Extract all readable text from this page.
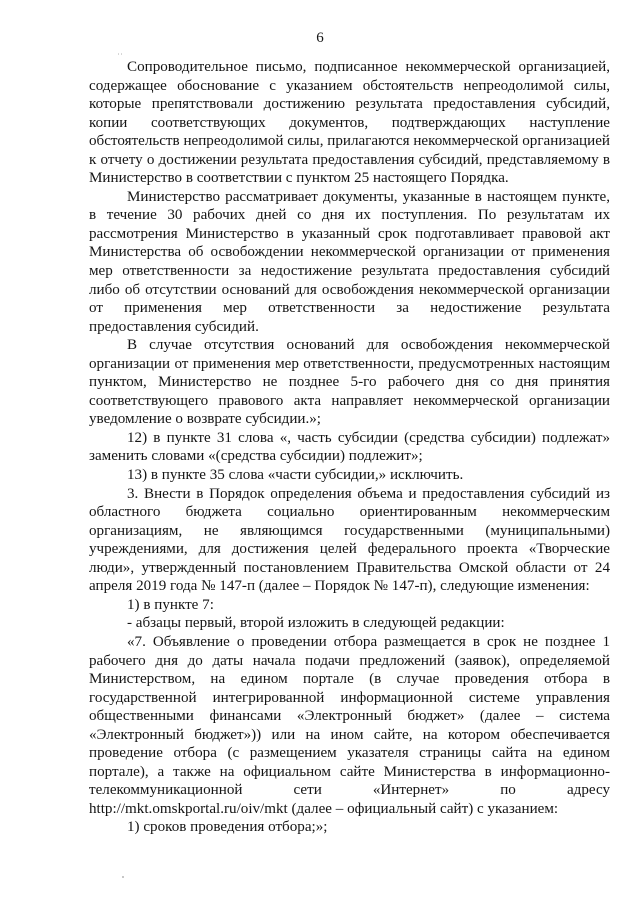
6
˙˙

Сопроводительное письмо, подписанное некоммерческой организацией, содержащее обоснование с указанием обстоятельств непреодолимой силы, которые препятствовали достижению результата предоставления субсидий, копии соответствующих документов, подтверждающих наступление обстоятельств непреодолимой силы, прилагаются некоммерческой организацией к отчету о достижении результата предоставления субсидий, представляемому в Министерство в соответствии с пунктом 25 настоящего Порядка.

Министерство рассматривает документы, указанные в настоящем пункте, в течение 30 рабочих дней со дня их поступления. По результатам их рассмотрения Министерство в указанный срок подготавливает правовой акт Министерства об освобождении некоммерческой организации от применения мер ответственности за недостижение результата предоставления субсидий либо об отсутствии оснований для освобождения некоммерческой организации от применения мер ответственности за недостижение результата предоставления субсидий.

В случае отсутствия оснований для освобождения некоммерческой организации от применения мер ответственности, предусмотренных настоящим пунктом, Министерство не позднее 5-го рабочего дня со дня принятия соответствующего правового акта направляет некоммерческой организации уведомление о возврате субсидии.»;

12) в пункте 31 слова «, часть субсидии (средства субсидии) подлежат» заменить словами «(средства субсидии) подлежит»;

13) в пункте 35 слова «части субсидии,» исключить.

3. Внести в Порядок определения объема и предоставления субсидий из областного бюджета социально ориентированным некоммерческим организациям, не являющимся государственными (муниципальными) учреждениями, для достижения целей федерального проекта «Творческие люди», утвержденный постановлением Правительства Омской области от 24 апреля 2019 года № 147-п (далее – Порядок № 147-п), следующие изменения:

1) в пункте 7:

- абзацы первый, второй изложить в следующей редакции:

«7. Объявление о проведении отбора размещается в срок не позднее 1 рабочего дня до даты начала подачи предложений (заявок), определяемой Министерством, на едином портале (в случае проведения отбора в государственной интегрированной информационной системе управления общественными финансами «Электронный бюджет» (далее – система «Электронный бюджет»)) или на ином сайте, на котором обеспечивается проведение отбора (с размещением указателя страницы сайта на едином портале), а также на официальном сайте Министерства в информационно-телекоммуникационной сети «Интернет» по адресу http://mkt.omskportal.ru/oiv/mkt (далее – официальный сайт) с указанием:

1) сроков проведения отбора;»;
